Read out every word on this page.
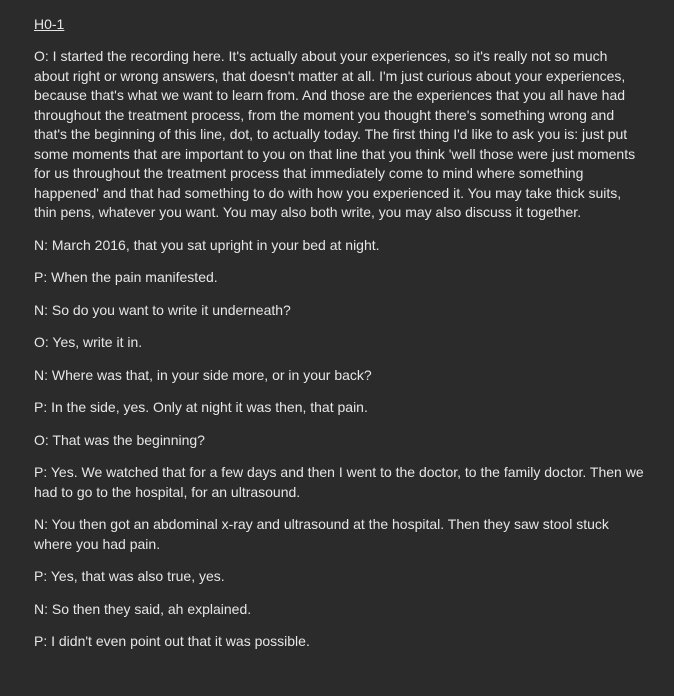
H0-1

O: I started the recording here. It's actually about your experiences, so it's really not so much about right or wrong answers, that doesn't matter at all. I'm just curious about your experiences, because that's what we want to learn from. And those are the experiences that you all have had throughout the treatment process, from the moment you thought there's something wrong and that's the beginning of this line, dot, to actually today. The first thing I'd like to ask you is: just put some moments that are important to you on that line that you think 'well those were just moments for us throughout the treatment process that immediately come to mind where something happened' and that had something to do with how you experienced it. You may take thick suits, thin pens, whatever you want. You may also both write, you may also discuss it together.

N: March 2016, that you sat upright in your bed at night.

P: When the pain manifested.

N: So do you want to write it underneath?

O: Yes, write it in.

N: Where was that, in your side more, or in your back?

P: In the side, yes. Only at night it was then, that pain.

O: That was the beginning?

P: Yes. We watched that for a few days and then I went to the doctor, to the family doctor. Then we had to go to the hospital, for an ultrasound.

N: You then got an abdominal x-ray and ultrasound at the hospital. Then they saw stool stuck where you had pain.

P: Yes, that was also true, yes.

N: So then they said, ah explained.

P: I didn't even point out that it was possible.
